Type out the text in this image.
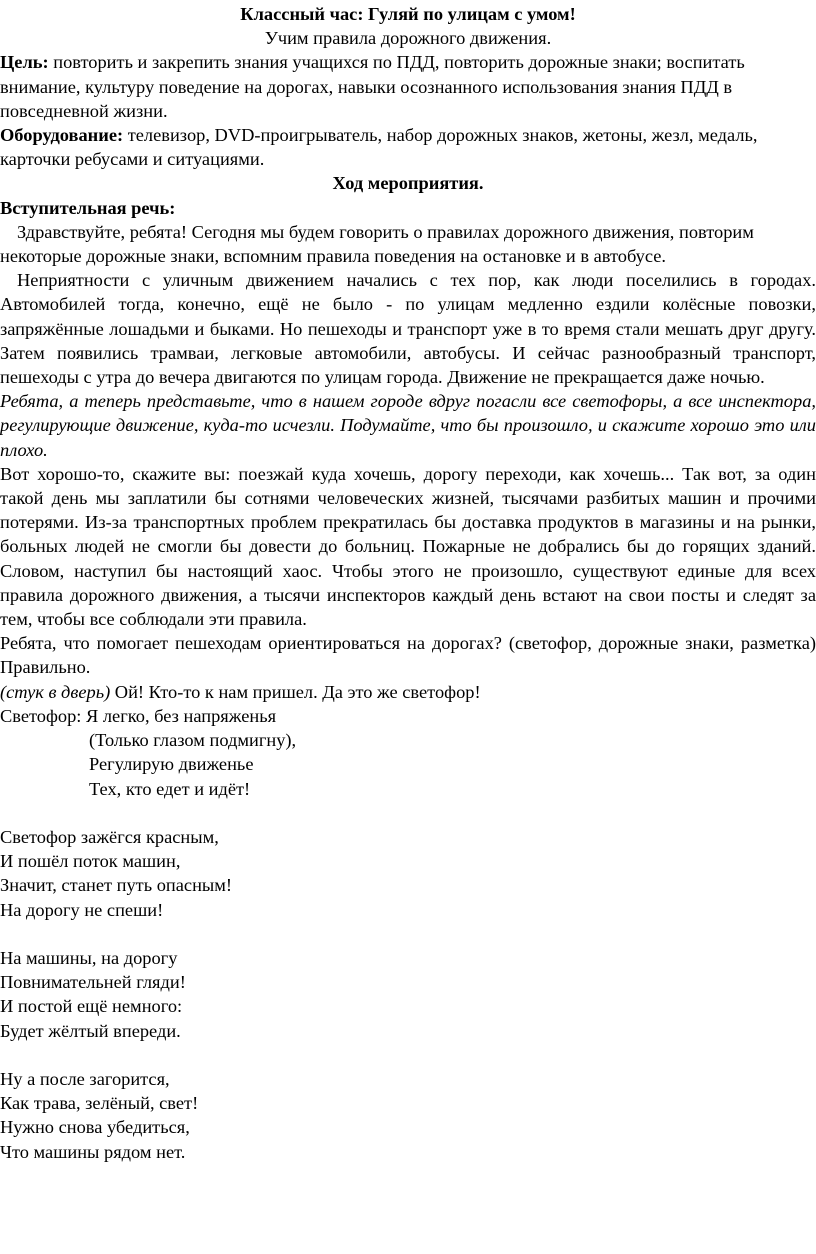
Классный час: Гуляй по улицам с умом!

Учим правила дорожного движения.

Цель: повторить и закрепить знания учащихся по ПДД, повторить дорожные знаки; воспитать внимание, культуру поведение на дорогах, навыки осознанного использования знания ПДД в повседневной жизни.

Оборудование: телевизор, DVD-проигрыватель, набор дорожных знаков, жетоны, жезл, медаль, карточки ребусами и ситуациями.

Ход мероприятия.

Вступительная речь:

Здравствуйте, ребята! Сегодня мы будем говорить о правилах дорожного движения, повторим некоторые дорожные знаки, вспомним правила поведения на остановке и в автобусе.

Неприятности с уличным движением начались с тех пор, как люди поселились в городах. Автомобилей тогда, конечно, ещё не было - по улицам медленно ездили колёсные повозки, запряжённые лошадьми и быками. Но пешеходы и транспорт уже в то время стали мешать друг другу. Затем появились трамваи, легковые автомобили, автобусы. И сейчас разнообразный транспорт, пешеходы с утра до вечера двигаются по улицам города. Движение не прекращается даже ночью.

Ребята, а теперь представьте, что в нашем городе вдруг погасли все светофоры, а все инспектора, регулирующие движение, куда-то исчезли. Подумайте, что бы произошло, и скажите хорошо это или плохо.

Вот хорошо-то, скажите вы: поезжай куда хочешь, дорогу переходи, как хочешь... Так вот, за один такой день мы заплатили бы сотнями человеческих жизней, тысячами разбитых машин и прочими потерями. Из-за транспортных проблем прекратилась бы доставка продуктов в магазины и на рынки, больных людей не смогли бы довести до больниц. Пожарные не добрались бы до горящих зданий. Словом, наступил бы настоящий хаос. Чтобы этого не произошло, существуют единые для всех правила дорожного движения, а тысячи инспекторов каждый день встают на свои посты и следят за тем, чтобы все соблюдали эти правила.

Ребята, что помогает пешеходам ориентироваться на дорогах? (светофор, дорожные знаки, разметка) Правильно.

(стук в дверь) Ой! Кто-то к нам пришел. Да это же светофор!

Светофор: Я легко, без напряженья

(Только глазом подмигну),

Регулирую движенье

Тех, кто едет и идёт!

Светофор зажёгся красным,

И пошёл поток машин,

Значит, станет путь опасным!

На дорогу не спеши!

На машины, на дорогу

Повнимательней гляди!

И постой ещё немного:

Будет жёлтый впереди.

Ну а после загорится,

Как трава, зелёный, свет!

Нужно снова убедиться,

Что машины рядом нет.
